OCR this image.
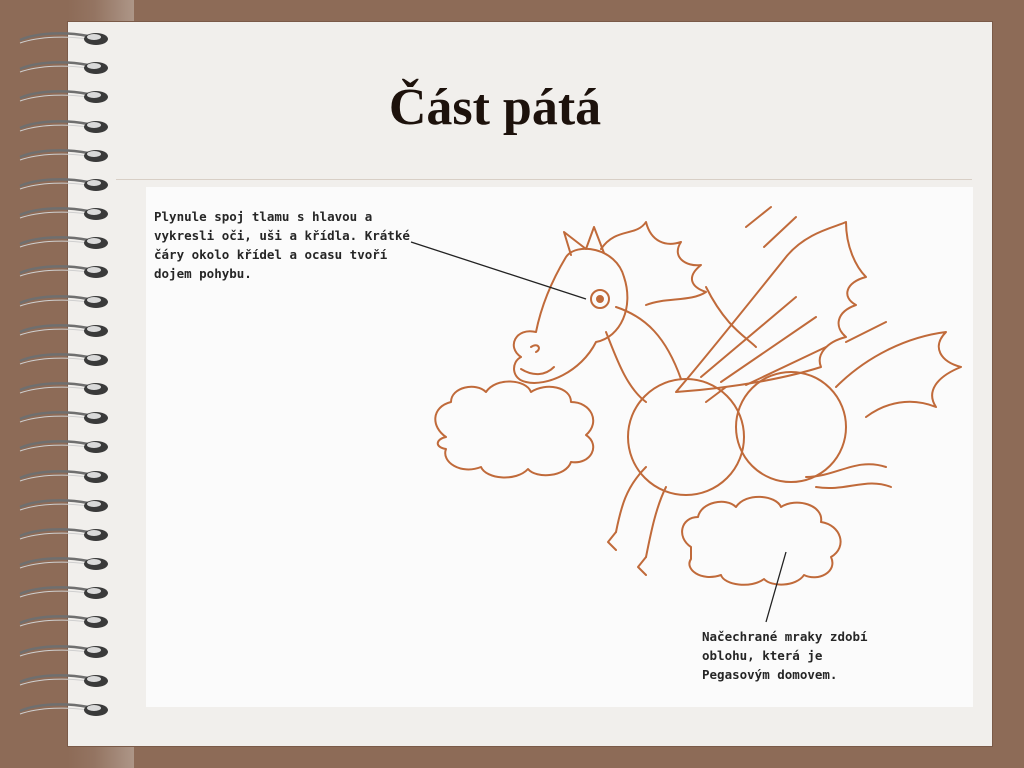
Část pátá

Plynule spoj tlamu s hlavou a vykresli oči, uši a křídla. Krátké čáry okolo křídel a ocasu tvoří dojem pohybu.

Načechrané mraky zdobí oblohu, která je Pegasovým domovem.
